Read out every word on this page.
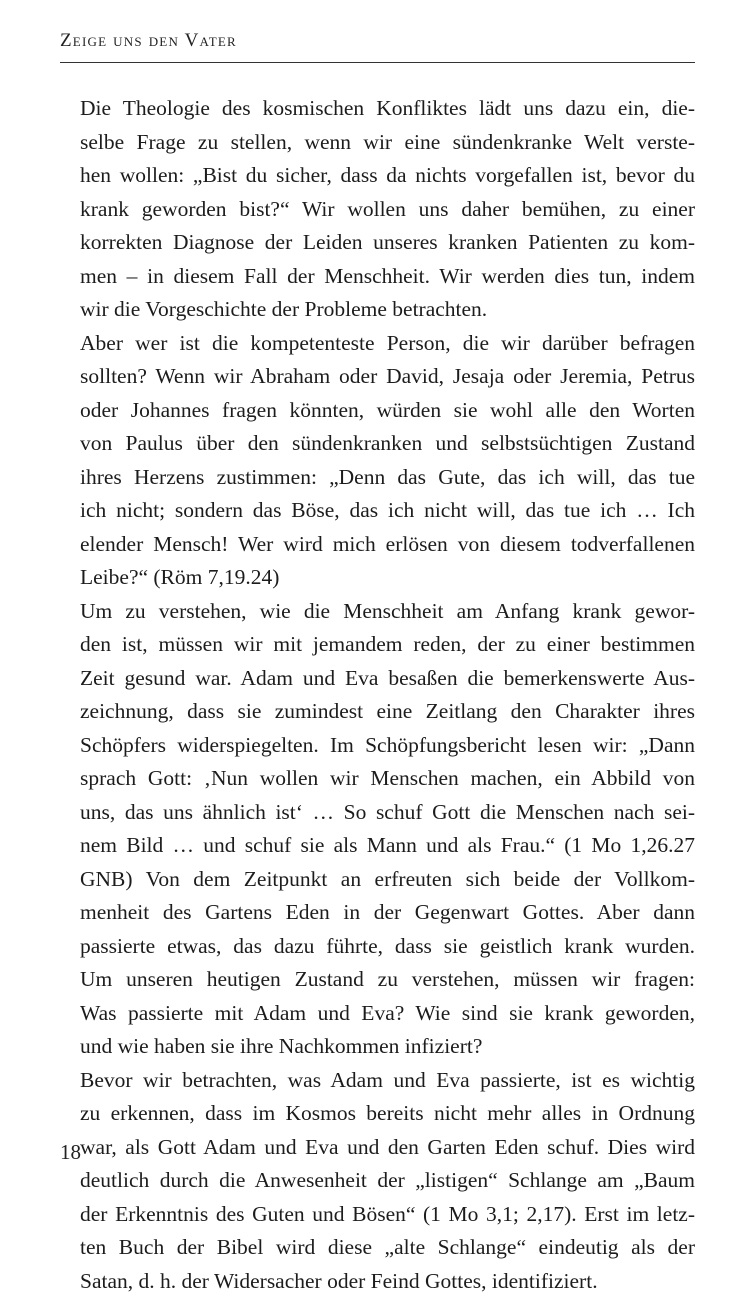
Zeige uns den Vater
Die Theologie des kosmischen Konfliktes lädt uns dazu ein, die-
selbe Frage zu stellen, wenn wir eine sündenkranke Welt verste-
hen wollen: „Bist du sicher, dass da nichts vorgefallen ist, bevor du
krank geworden bist?“ Wir wollen uns daher bemühen, zu einer
korrekten Diagnose der Leiden unseres kranken Patienten zu kom-
men – in diesem Fall der Menschheit. Wir werden dies tun, indem
wir die Vorgeschichte der Probleme betrachten.
Aber wer ist die kompetenteste Person, die wir darüber befragen
sollten? Wenn wir Abraham oder David, Jesaja oder Jeremia, Petrus
oder Johannes fragen könnten, würden sie wohl alle den Worten
von Paulus über den sündenkranken und selbstsüchtigen Zustand
ihres Herzens zustimmen: „Denn das Gute, das ich will, das tue
ich nicht; sondern das Böse, das ich nicht will, das tue ich … Ich
elender Mensch! Wer wird mich erlösen von diesem todverfallenen
Leibe?“ (Röm 7,19.24)
Um zu verstehen, wie die Menschheit am Anfang krank gewor-
den ist, müssen wir mit jemandem reden, der zu einer bestimmen
Zeit gesund war. Adam und Eva besaßen die bemerkenswerte Aus-
zeichnung, dass sie zumindest eine Zeitlang den Charakter ihres
Schöpfers widerspiegelten. Im Schöpfungsbericht lesen wir: „Dann
sprach Gott: ‚Nun wollen wir Menschen machen, ein Abbild von
uns, das uns ähnlich ist‘ … So schuf Gott die Menschen nach sei-
nem Bild … und schuf sie als Mann und als Frau.“ (1 Mo 1,26.27
GNB) Von dem Zeitpunkt an erfreuten sich beide der Vollkom-
menheit des Gartens Eden in der Gegenwart Gottes. Aber dann
passierte etwas, das dazu führte, dass sie geistlich krank wurden.
Um unseren heutigen Zustand zu verstehen, müssen wir fragen:
Was passierte mit Adam und Eva? Wie sind sie krank geworden,
und wie haben sie ihre Nachkommen infiziert?
Bevor wir betrachten, was Adam und Eva passierte, ist es wichtig
zu erkennen, dass im Kosmos bereits nicht mehr alles in Ordnung
war, als Gott Adam und Eva und den Garten Eden schuf. Dies wird
deutlich durch die Anwesenheit der „listigen“ Schlange am „Baum
der Erkenntnis des Guten und Bösen“ (1 Mo 3,1; 2,17). Erst im letz-
ten Buch der Bibel wird diese „alte Schlange“ eindeutig als der
Satan, d. h. der Widersacher oder Feind Gottes, identifiziert.
18
